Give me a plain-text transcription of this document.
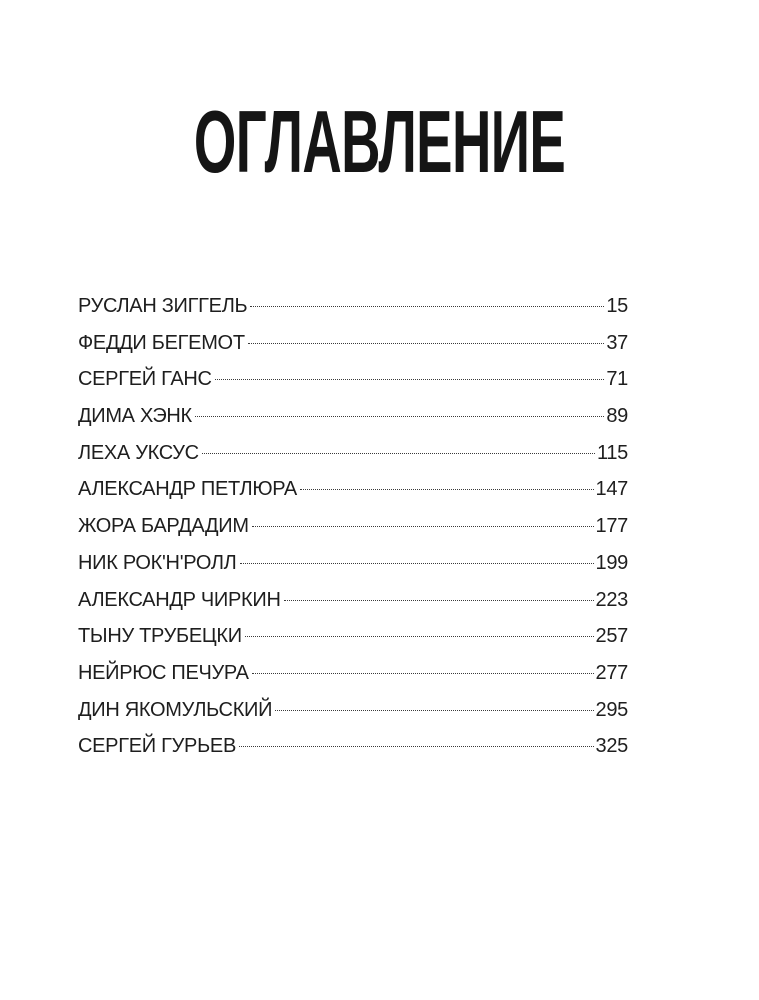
ОГЛАВЛЕНИЕ
РУСЛАН ЗИГГЕЛЬ	15
ФЕДДИ БЕГЕМОТ	37
СЕРГЕЙ ГАНС	71
ДИМА ХЭНК	89
ЛЕХА УКСУС	115
АЛЕКСАНДР ПЕТЛЮРА	147
ЖОРА БАРДАДИМ	177
НИК РОК'Н'РОЛЛ	199
АЛЕКСАНДР ЧИРКИН	223
ТЫНУ ТРУБЕЦКИ	257
НЕЙРЮС ПЕЧУРА	277
ДИН ЯКОМУЛЬСКИЙ	295
СЕРГЕЙ ГУРЬЕВ	325
